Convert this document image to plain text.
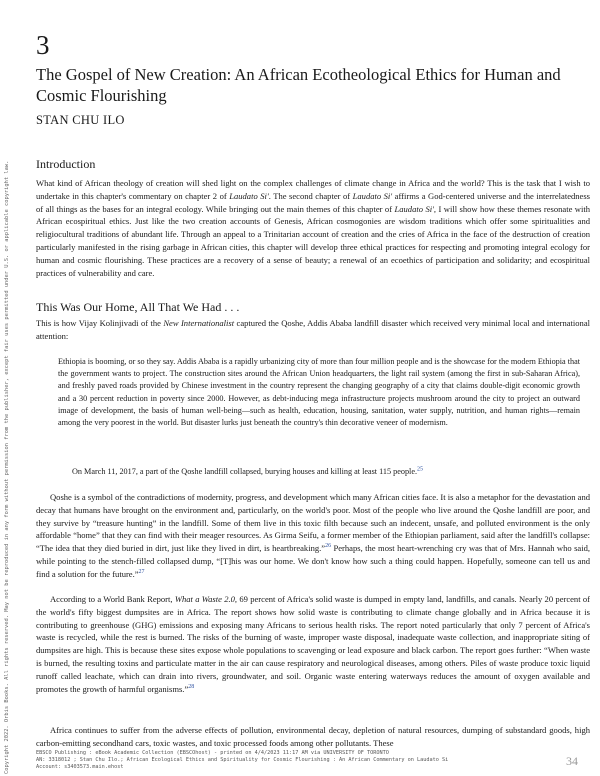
3
The Gospel of New Creation: An African Ecotheological Ethics for Human and Cosmic Flourishing
STAN CHU ILO
Introduction

What kind of African theology of creation will shed light on the complex challenges of climate change in Africa and the world? This is the task that I wish to undertake in this chapter's commentary on chapter 2 of Laudato Si'. The second chapter of Laudato Si' affirms a God-centered universe and the interrelatedness of all things as the bases for an integral ecology. While bringing out the main themes of this chapter of Laudato Si', I will show how these themes resonate with African ecospiritual ethics. Just like the two creation accounts of Genesis, African cosmogonies are wisdom traditions which offer some spiritualities and religiocultural traditions of abundant life. Through an appeal to a Trinitarian account of creation and the cries of Africa in the face of the destruction of creation particularly manifested in the rising garbage in African cities, this chapter will develop three ethical practices for respecting and promoting integral ecology for human and cosmic flourishing. These practices are a recovery of a sense of beauty; a renewal of an ecoethics of participation and solidarity; and ecospiritual practices of vulnerability and care.

This Was Our Home, All That We Had . . .

This is how Vijay Kolinjivadi of the New Internationalist captured the Qoshe, Addis Ababa landfill disaster which received very minimal local and international attention:

Ethiopia is booming, or so they say. Addis Ababa is a rapidly urbanizing city of more than four million people and is the showcase for the modern Ethiopia that the government wants to project. The construction sites around the African Union headquarters, the light rail system (among the first in sub-Saharan Africa), and freshly paved roads provided by Chinese investment in the country represent the changing geography of a city that claims double-digit economic growth and a 30 percent reduction in poverty since 2000. However, as debt-inducing mega infrastructure projects mushroom around the city to project an outward image of development, the basis of human well-being—such as health, education, housing, sanitation, water supply, nutrition, and human rights—remain among the very poorest in the world. But disaster lurks just beneath the country's thin decorative veneer of modernism.

On March 11, 2017, a part of the Qoshe landfill collapsed, burying houses and killing at least 115 people.$^{25}$

Qoshe is a symbol of the contradictions of modernity, progress, and development which many African cities face. It is also a metaphor for the devastation and decay that humans have brought on the environment and, particularly, on the world's poor. Most of the people who live around the Qoshe landfill are poor, and they survive by “treasure hunting” in the landfill. Some of them live in this toxic filth because such an indecent, unsafe, and polluted environment is the only affordable “home” that they can find with their meager resources. As Girma Seifu, a former member of the Ethiopian parliament, said after the landfill's collapse: “The idea that they died buried in dirt, just like they lived in dirt, is heartbreaking.”$^{26}$ Perhaps, the most heart-wrenching cry was that of Mrs. Hannah who said, while pointing to the stench-filled collapsed dump, “[T]his was our home. We don't know how such a thing could happen. Hopefully, someone can tell us and find a solution for the future.”$^{27}$

According to a World Bank Report, What a Waste 2.0, 69 percent of Africa's solid waste is dumped in empty land, landfills, and canals. Nearly 20 percent of the world's fifty biggest dumpsites are in Africa. The report shows how solid waste is contributing to climate change globally and in Africa because it is contributing to greenhouse (GHG) emissions and exposing many Africans to serious health risks. The report noted particularly that only 7 percent of Africa's waste is recycled, while the rest is burned. The risks of the burning of waste, improper waste disposal, inadequate waste collection, and inappropriate siting of dumpsites are high. This is because these sites expose whole populations to scavenging or lead exposure and black carbon. The report goes further: “When waste is burned, the resulting toxins and particulate matter in the air can cause respiratory and neurological diseases, among others. Piles of waste produce toxic liquid runoff called leachate, which can drain into rivers, groundwater, and soil. Organic waste entering waterways reduces the amount of oxygen available and promotes the growth of harmful organisms.”$^{28}$

Africa continues to suffer from the adverse effects of pollution, environmental decay, depletion of natural resources, dumping of substandard goods, high carbon-emitting secondhand cars, toxic wastes, and toxic processed foods among other pollutants. These

Copyright 2022. Orbis Books. All rights reserved. May not be reproduced in any form without permission from the publisher, except fair uses permitted under U.S. or applicable copyright law.	EBSCO Publishing : eBook Academic Collection (EBSCOhost) - printed on 4/4/2023 11:17 AM via UNIVERSITY OF TORONTO
AN: 3318012 ; Stan Chu Ilo.; African Ecological Ethics and Spirituality for Cosmic Flourishing : An African Commentary on Laudato Si
Account: s3403573.main.ehost	34
